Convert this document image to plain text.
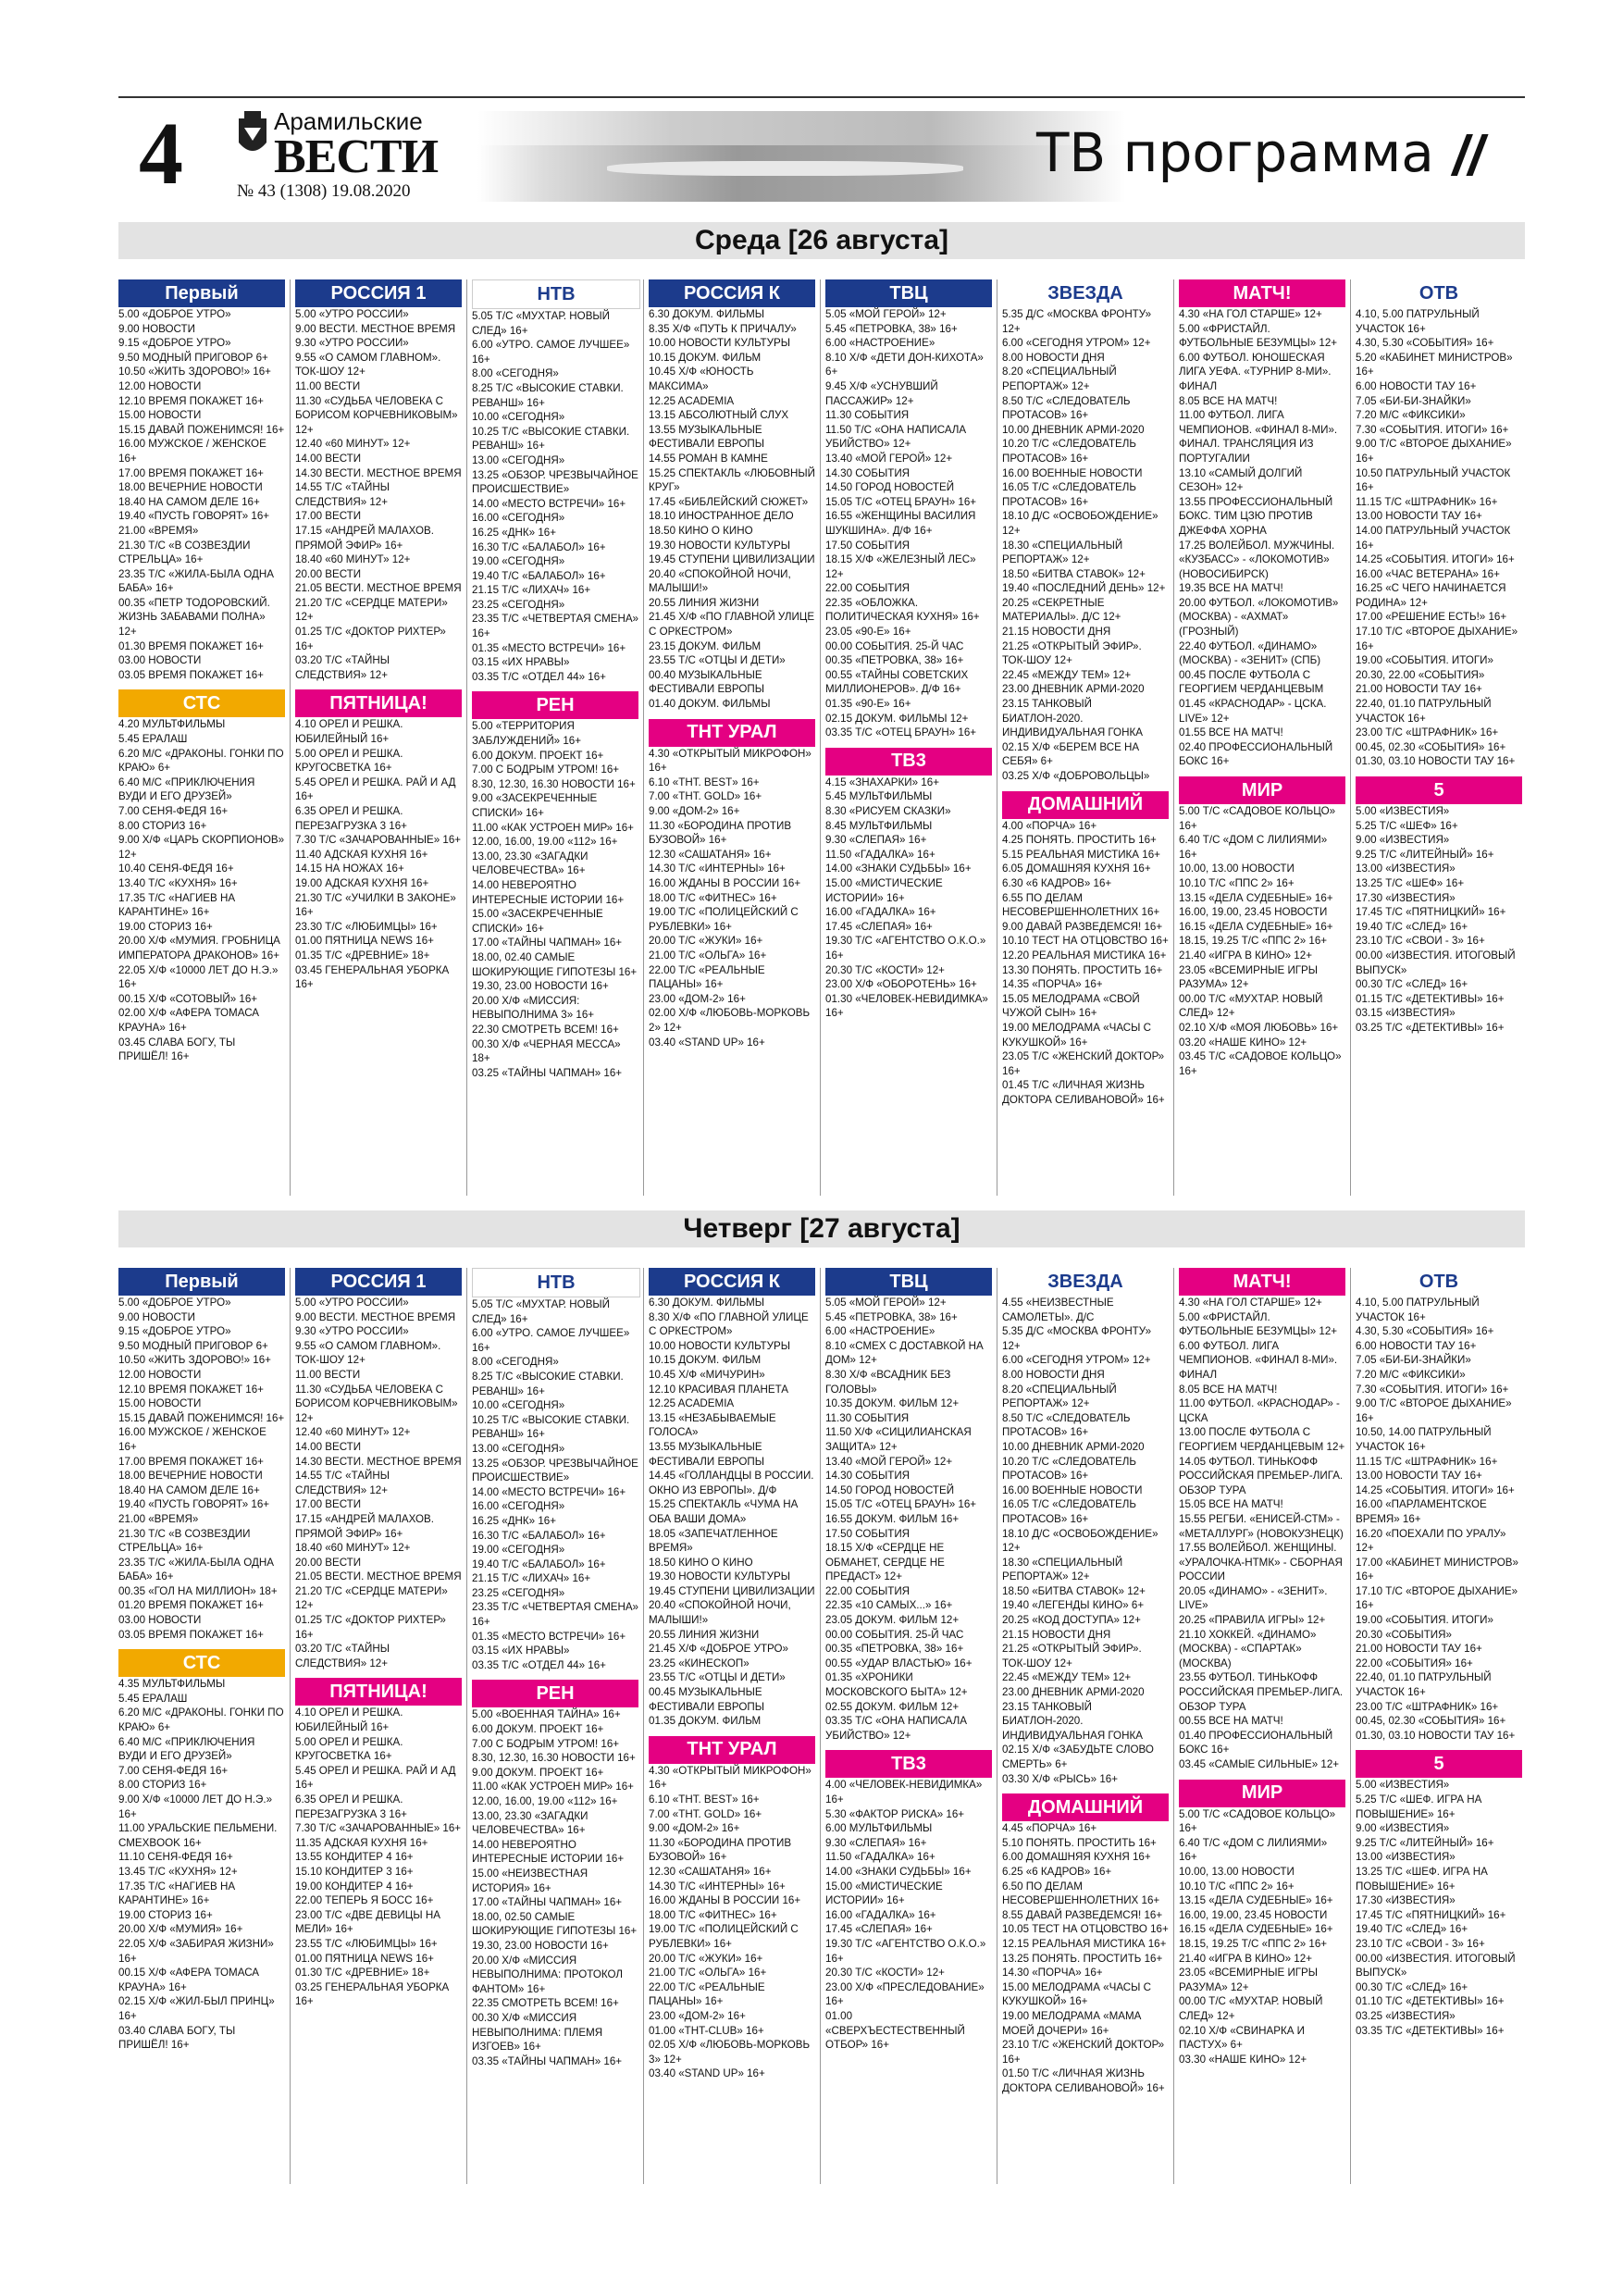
4	Арамильские
ВЕСТИ
№ 43 (1308) 19.08.2020
ТВ программа //
Среда [26 августа]
Первый
5.00 «ДОБРОЕ УТРО»
9.00 НОВОСТИ
9.15 «ДОБРОЕ УТРО»
9.50 МОДНЫЙ ПРИГОВОР 6+
10.50 «ЖИТЬ ЗДОРОВО!» 16+
12.00 НОВОСТИ
12.10 ВРЕМЯ ПОКАЖЕТ 16+
15.00 НОВОСТИ
15.15 ДАВАЙ ПОЖЕНИМСЯ! 16+
16.00 МУЖСКОЕ / ЖЕНСКОЕ 16+
17.00 ВРЕМЯ ПОКАЖЕТ 16+
18.00 ВЕЧЕРНИЕ НОВОСТИ
18.40 НА САМОМ ДЕЛЕ 16+
19.40 «ПУСТЬ ГОВОРЯТ» 16+
21.00 «ВРЕМЯ»
21.30 Т/С «В СОЗВЕЗДИИ СТРЕЛЬЦА» 16+
23.35 Т/С «ЖИЛА-БЫЛА ОДНА БАБА» 16+
00.35 «ПЕТР ТОДОРОВСКИЙ. ЖИЗНЬ ЗАБАВАМИ ПОЛНА» 12+
01.30 ВРЕМЯ ПОКАЖЕТ 16+
03.00 НОВОСТИ
03.05 ВРЕМЯ ПОКАЖЕТ 16+
СТС
4.20 МУЛЬТФИЛЬМЫ
5.45 ЕРАЛАШ
6.20 М/С «ДРАКОНЫ. ГОНКИ ПО КРАЮ» 6+
6.40 М/С «ПРИКЛЮЧЕНИЯ ВУДИ И ЕГО ДРУЗЕЙ»
7.00 СЕНЯ-ФЕДЯ 16+
8.00 СТОРИЗ 16+
9.00 Х/Ф «ЦАРЬ СКОРПИОНОВ» 12+
10.40 СЕНЯ-ФЕДЯ 16+
13.40 Т/С «КУХНЯ» 16+
17.35 Т/С «НАГИЕВ НА КАРАНТИНЕ» 16+
19.00 СТОРИЗ 16+
20.00 Х/Ф «МУМИЯ. ГРОБНИЦА ИМПЕРАТОРА ДРАКОНОВ» 16+
22.05 Х/Ф «10000 ЛЕТ ДО Н.Э.» 16+
00.15 Х/Ф «СОТОВЫЙ» 16+
02.00 Х/Ф «АФЕРА ТОМАСА КРАУНА» 16+
03.45 СЛАВА БОГУ, ТЫ ПРИШЁЛ! 16+
РОССИЯ 1
5.00 «УТРО РОССИИ»
9.00 ВЕСТИ. МЕСТНОЕ ВРЕМЯ
9.30 «УТРО РОССИИ»
9.55 «О САМОМ ГЛАВНОМ». ТОК-ШОУ 12+
11.00 ВЕСТИ
11.30 «СУДЬБА ЧЕЛОВЕКА С БОРИСОМ КОРЧЕВНИКОВЫМ» 12+
12.40 «60 МИНУТ» 12+
14.00 ВЕСТИ
14.30 ВЕСТИ. МЕСТНОЕ ВРЕМЯ
14.55 Т/С «ТАЙНЫ СЛЕДСТВИЯ» 12+
17.00 ВЕСТИ
17.15 «АНДРЕЙ МАЛАХОВ. ПРЯМОЙ ЭФИР» 16+
18.40 «60 МИНУТ» 12+
20.00 ВЕСТИ
21.05 ВЕСТИ. МЕСТНОЕ ВРЕМЯ
21.20 Т/С «СЕРДЦЕ МАТЕРИ» 12+
01.25 Т/С «ДОКТОР РИХТЕР» 16+
03.20 Т/С «ТАЙНЫ СЛЕДСТВИЯ» 12+
ПЯТНИЦА!
4.10 ОРЕЛ И РЕШКА. ЮБИЛЕЙНЫЙ 16+
5.00 ОРЕЛ И РЕШКА. КРУГОСВЕТКА 16+
5.45 ОРЕЛ И РЕШКА. РАЙ И АД 16+
6.35 ОРЕЛ И РЕШКА. ПЕРЕЗАГРУЗКА 3 16+
7.30 Т/С «ЗАЧАРОВАННЫЕ» 16+
11.40 АДСКАЯ КУХНЯ 16+
14.15 НА НОЖАХ 16+
19.00 АДСКАЯ КУХНЯ 16+
21.30 Т/С «УЧИЛКИ В ЗАКОНЕ» 16+
23.30 Т/С «ЛЮБИМЦЫ» 16+
01.00 ПЯТНИЦА NEWS 16+
01.35 Т/С «ДРЕВНИЕ» 18+
03.45 ГЕНЕРАЛЬНАЯ УБОРКА 16+
НТВ
5.05 Т/С «МУХТАР. НОВЫЙ СЛЕД» 16+
6.00 «УТРО. САМОЕ ЛУЧШЕЕ» 16+
8.00 «СЕГОДНЯ»
8.25 Т/С «ВЫСОКИЕ СТАВКИ. РЕВАНШ» 16+
10.00 «СЕГОДНЯ»
10.25 Т/С «ВЫСОКИЕ СТАВКИ. РЕВАНШ» 16+
13.00 «СЕГОДНЯ»
13.25 «ОБЗОР. ЧРЕЗВЫЧАЙНОЕ ПРОИСШЕСТВИЕ»
14.00 «МЕСТО ВСТРЕЧИ» 16+
16.00 «СЕГОДНЯ»
16.25 «ДНК» 16+
16.30 Т/С «БАЛАБОЛ» 16+
19.00 «СЕГОДНЯ»
19.40 Т/С «БАЛАБОЛ» 16+
21.15 Т/С «ЛИХАЧ» 16+
23.25 «СЕГОДНЯ»
23.35 Т/С «ЧЕТВЕРТАЯ СМЕНА» 16+
01.35 «МЕСТО ВСТРЕЧИ» 16+
03.15 «ИХ НРАВЫ»
03.35 Т/С «ОТДЕЛ 44» 16+
РЕН
5.00 «ТЕРРИТОРИЯ ЗАБЛУЖДЕНИЙ» 16+
6.00 ДОКУМ. ПРОЕКТ 16+
7.00 С БОДРЫМ УТРОМ! 16+
8.30, 12.30, 16.30 НОВОСТИ 16+
9.00 «ЗАСЕКРЕЧЕННЫЕ СПИСКИ» 16+
11.00 «КАК УСТРОЕН МИР» 16+
12.00, 16.00, 19.00 «112» 16+
13.00, 23.30 «ЗАГАДКИ ЧЕЛОВЕЧЕСТВА» 16+
14.00 НЕВЕРОЯТНО ИНТЕРЕСНЫЕ ИСТОРИИ 16+
15.00 «ЗАСЕКРЕЧЕННЫЕ СПИСКИ» 16+
17.00 «ТАЙНЫ ЧАПМАН» 16+
18.00, 02.40 САМЫЕ ШОКИРУЮЩИЕ ГИПОТЕЗЫ 16+
19.30, 23.00 НОВОСТИ 16+
20.00 Х/Ф «МИССИЯ: НЕВЫПОЛНИМА 3» 16+
22.30 СМОТРЕТЬ ВСЕМ! 16+
00.30 Х/Ф «ЧЕРНАЯ МЕССА» 18+
03.25 «ТАЙНЫ ЧАПМАН» 16+
РОССИЯ К
6.30 ДОКУМ. ФИЛЬМЫ
8.35 Х/Ф «ПУТЬ К ПРИЧАЛУ»
10.00 НОВОСТИ КУЛЬТУРЫ
10.15 ДОКУМ. ФИЛЬМ
10.45 Х/Ф «ЮНОСТЬ МАКСИМА»
12.25 ACADEMIA
13.15 АБСОЛЮТНЫЙ СЛУХ
13.55 МУЗЫКАЛЬНЫЕ ФЕСТИВАЛИ ЕВРОПЫ
14.55 РОМАН В КАМНЕ
15.25 СПЕКТАКЛЬ «ЛЮБОВНЫЙ КРУГ»
17.45 «БИБЛЕЙСКИЙ СЮЖЕТ»
18.10 ИНОСТРАННОЕ ДЕЛО
18.50 КИНО О КИНО
19.30 НОВОСТИ КУЛЬТУРЫ
19.45 СТУПЕНИ ЦИВИЛИЗАЦИИ
20.40 «СПОКОЙНОЙ НОЧИ, МАЛЫШИ!»
20.55 ЛИНИЯ ЖИЗНИ
21.45 Х/Ф «ПО ГЛАВНОЙ УЛИЦЕ С ОРКЕСТРОМ»
23.15 ДОКУМ. ФИЛЬМ
23.55 Т/С «ОТЦЫ И ДЕТИ»
00.40 МУЗЫКАЛЬНЫЕ ФЕСТИВАЛИ ЕВРОПЫ
01.40 ДОКУМ. ФИЛЬМЫ
ТНТ УРАЛ
4.30 «ОТКРЫТЫЙ МИКРОФОН» 16+
6.10 «ТНТ. BEST» 16+
7.00 «ТНТ. GOLD» 16+
9.00 «ДОМ-2» 16+
11.30 «БОРОДИНА ПРОТИВ БУЗОВОЙ» 16+
12.30 «САШАТАНЯ» 16+
14.30 Т/С «ИНТЕРНЫ» 16+
16.00 ЖДАНЫ В РОССИИ 16+
18.00 Т/С «ФИТНЕС» 16+
19.00 Т/С «ПОЛИЦЕЙСКИЙ С РУБЛЕВКИ» 16+
20.00 Т/С «ЖУКИ» 16+
21.00 Т/С «ОЛЬГА» 16+
22.00 Т/С «РЕАЛЬНЫЕ ПАЦАНЫ» 16+
23.00 «ДОМ-2» 16+
02.00 Х/Ф «ЛЮБОВЬ-МОРКОВЬ 2» 12+
03.40 «STAND UP» 16+
ТВЦ
5.05 «МОЙ ГЕРОЙ» 12+
5.45 «ПЕТРОВКА, 38» 16+
6.00 «НАСТРОЕНИЕ»
8.10 Х/Ф «ДЕТИ ДОН-КИХОТА» 6+
9.45 Х/Ф «УСНУВШИЙ ПАССАЖИР» 12+
11.30 СОБЫТИЯ
11.50 Т/С «ОНА НАПИСАЛА УБИЙСТВО» 12+
13.40 «МОЙ ГЕРОЙ» 12+
14.30 СОБЫТИЯ
14.50 ГОРОД НОВОСТЕЙ
15.05 Т/С «ОТЕЦ БРАУН» 16+
16.55 «ЖЕНЩИНЫ ВАСИЛИЯ ШУКШИНА». Д/Ф 16+
17.50 СОБЫТИЯ
18.15 Х/Ф «ЖЕЛЕЗНЫЙ ЛЕС» 12+
22.00 СОБЫТИЯ
22.35 «ОБЛОЖКА. ПОЛИТИЧЕСКАЯ КУХНЯ» 16+
23.05 «90-Е» 16+
00.00 СОБЫТИЯ. 25-Й ЧАС
00.35 «ПЕТРОВКА, 38» 16+
00.55 «ТАЙНЫ СОВЕТСКИХ МИЛЛИОНЕРОВ». Д/Ф 16+
01.35 «90-Е» 16+
02.15 ДОКУМ. ФИЛЬМЫ 12+
03.35 Т/С «ОТЕЦ БРАУН» 16+
ТВ3
4.15 «ЗНАХАРКИ» 16+
5.45 МУЛЬТФИЛЬМЫ
8.30 «РИСУЕМ СКАЗКИ»
8.45 МУЛЬТФИЛЬМЫ
9.30 «СЛЕПАЯ» 16+
11.50 «ГАДАЛКА» 16+
14.00 «ЗНАКИ СУДЬБЫ» 16+
15.00 «МИСТИЧЕСКИЕ ИСТОРИИ» 16+
16.00 «ГАДАЛКА» 16+
17.45 «СЛЕПАЯ» 16+
19.30 Т/С «АГЕНТСТВО О.К.О.» 16+
20.30 Т/С «КОСТИ» 12+
23.00 Х/Ф «ОБОРОТЕНЬ» 16+
01.30 «ЧЕЛОВЕК-НЕВИДИМКА» 16+
ЗВЕЗДА
5.35 Д/С «МОСКВА ФРОНТУ» 12+
6.00 «СЕГОДНЯ УТРОМ» 12+
8.00 НОВОСТИ ДНЯ
8.20 «СПЕЦИАЛЬНЫЙ РЕПОРТАЖ» 12+
8.50 Т/С «СЛЕДОВАТЕЛЬ ПРОТАСОВ» 16+
10.00 ДНЕВНИК АРМИ-2020
10.20 Т/С «СЛЕДОВАТЕЛЬ ПРОТАСОВ» 16+
16.00 ВОЕННЫЕ НОВОСТИ
16.05 Т/С «СЛЕДОВАТЕЛЬ ПРОТАСОВ» 16+
18.10 Д/С «ОСВОБОЖДЕНИЕ» 12+
18.30 «СПЕЦИАЛЬНЫЙ РЕПОРТАЖ» 12+
18.50 «БИТВА СТАВОК» 12+
19.40 «ПОСЛЕДНИЙ ДЕНЬ» 12+
20.25 «СЕКРЕТНЫЕ МАТЕРИАЛЫ». Д/С 12+
21.15 НОВОСТИ ДНЯ
21.25 «ОТКРЫТЫЙ ЭФИР». ТОК-ШОУ 12+
22.45 «МЕЖДУ ТЕМ» 12+
23.00 ДНЕВНИК АРМИ-2020
23.15 ТАНКОВЫЙ БИАТЛОН-2020. ИНДИВИДУАЛЬНАЯ ГОНКА
02.15 Х/Ф «БЕРЕМ ВСЕ НА СЕБЯ» 6+
03.25 Х/Ф «ДОБРОВОЛЬЦЫ»
ДОМАШНИЙ
4.00 «ПОРЧА» 16+
4.25 ПОНЯТЬ. ПРОСТИТЬ 16+
5.15 РЕАЛЬНАЯ МИСТИКА 16+
6.05 ДОМАШНЯЯ КУХНЯ 16+
6.30 «6 КАДРОВ» 16+
6.55 ПО ДЕЛАМ НЕСОВЕРШЕННОЛЕТНИХ 16+
9.00 ДАВАЙ РАЗВЕДЕМСЯ! 16+
10.10 ТЕСТ НА ОТЦОВСТВО 16+
12.20 РЕАЛЬНАЯ МИСТИКА 16+
13.30 ПОНЯТЬ. ПРОСТИТЬ 16+
14.35 «ПОРЧА» 16+
15.05 МЕЛОДРАМА «СВОЙ ЧУЖОЙ СЫН» 16+
19.00 МЕЛОДРАМА «ЧАСЫ С КУКУШКОЙ» 16+
23.05 Т/С «ЖЕНСКИЙ ДОКТОР» 16+
01.45 Т/С «ЛИЧНАЯ ЖИЗНЬ ДОКТОРА СЕЛИВАНОВОЙ» 16+
МАТЧ!
4.30 «НА ГОЛ СТАРШЕ» 12+
5.00 «ФРИСТАЙЛ. ФУТБОЛЬНЫЕ БЕЗУМЦЫ» 12+
6.00 ФУТБОЛ. ЮНОШЕСКАЯ ЛИГА УЕФА. «ТУРНИР 8-МИ». ФИНАЛ
8.05 ВСЕ НА МАТЧ!
11.00 ФУТБОЛ. ЛИГА ЧЕМПИОНОВ. «ФИНАЛ 8-МИ». ФИНАЛ. ТРАНСЛЯЦИЯ ИЗ ПОРТУГАЛИИ
13.10 «САМЫЙ ДОЛГИЙ СЕЗОН» 12+
13.55 ПРОФЕССИОНАЛЬНЫЙ БОКС. ТИМ ЦЗЮ ПРОТИВ ДЖЕФФА ХОРНА
17.25 ВОЛЕЙБОЛ. МУЖЧИНЫ. «КУЗБАСС» - «ЛОКОМОТИВ» (НОВОСИБИРСК)
19.35 ВСЕ НА МАТЧ!
20.00 ФУТБОЛ. «ЛОКОМОТИВ» (МОСКВА) - «АХМАТ» (ГРОЗНЫЙ)
22.40 ФУТБОЛ. «ДИНАМО» (МОСКВА) - «ЗЕНИТ» (СПБ)
00.45 ПОСЛЕ ФУТБОЛА С ГЕОРГИЕМ ЧЕРДАНЦЕВЫМ
01.45 «КРАСНОДАР» - ЦСКА. LIVE» 12+
01.55 ВСЕ НА МАТЧ!
02.40 ПРОФЕССИОНАЛЬНЫЙ БОКС 16+
МИР
5.00 Т/С «САДОВОЕ КОЛЬЦО» 16+
6.40 Т/С «ДОМ С ЛИЛИЯМИ» 16+
10.00, 13.00 НОВОСТИ
10.10 Т/С «ППС 2» 16+
13.15 «ДЕЛА СУДЕБНЫЕ» 16+
16.00, 19.00, 23.45 НОВОСТИ
16.15 «ДЕЛА СУДЕБНЫЕ» 16+
18.15, 19.25 Т/С «ППС 2» 16+
21.40 «ИГРА В КИНО» 12+
23.05 «ВСЕМИРНЫЕ ИГРЫ РАЗУМА» 12+
00.00 Т/С «МУХТАР. НОВЫЙ СЛЕД» 12+
02.10 Х/Ф «МОЯ ЛЮБОВЬ» 16+
03.20 «НАШЕ КИНО» 12+
03.45 Т/С «САДОВОЕ КОЛЬЦО» 16+
ОТВ
4.10, 5.00 ПАТРУЛЬНЫЙ УЧАСТОК 16+
4.30, 5.30 «СОБЫТИЯ» 16+
5.20 «КАБИНЕТ МИНИСТРОВ» 16+
6.00 НОВОСТИ ТАУ 16+
7.05 «БИ-БИ-ЗНАЙКИ»
7.20 М/С «ФИКСИКИ»
7.30 «СОБЫТИЯ. ИТОГИ» 16+
9.00 Т/С «ВТОРОЕ ДЫХАНИЕ» 16+
10.50 ПАТРУЛЬНЫЙ УЧАСТОК 16+
11.15 Т/С «ШТРАФНИК» 16+
13.00 НОВОСТИ ТАУ 16+
14.00 ПАТРУЛЬНЫЙ УЧАСТОК 16+
14.25 «СОБЫТИЯ. ИТОГИ» 16+
16.00 «ЧАС ВЕТЕРАНА» 16+
16.25 «С ЧЕГО НАЧИНАЕТСЯ РОДИНА» 12+
17.00 «РЕШЕНИЕ ЕСТЬ!» 16+
17.10 Т/С «ВТОРОЕ ДЫХАНИЕ» 16+
19.00 «СОБЫТИЯ. ИТОГИ»
20.30, 22.00 «СОБЫТИЯ»
21.00 НОВОСТИ ТАУ 16+
22.40, 01.10 ПАТРУЛЬНЫЙ УЧАСТОК 16+
23.00 Т/С «ШТРАФНИК» 16+
00.45, 02.30 «СОБЫТИЯ» 16+
01.30, 03.10 НОВОСТИ ТАУ 16+
5
5.00 «ИЗВЕСТИЯ»
5.25 Т/С «ШЕФ» 16+
9.00 «ИЗВЕСТИЯ»
9.25 Т/С «ЛИТЕЙНЫЙ» 16+
13.00 «ИЗВЕСТИЯ»
13.25 Т/С «ШЕФ» 16+
17.30 «ИЗВЕСТИЯ»
17.45 Т/С «ПЯТНИЦКИЙ» 16+
19.40 Т/С «СЛЕД» 16+
23.10 Т/С «СВОИ - 3» 16+
00.00 «ИЗВЕСТИЯ. ИТОГОВЫЙ ВЫПУСК»
00.30 Т/С «СЛЕД» 16+
01.15 Т/С «ДЕТЕКТИВЫ» 16+
03.15 «ИЗВЕСТИЯ»
03.25 Т/С «ДЕТЕКТИВЫ» 16+
Четверг [27 августа]
Первый
5.00 «ДОБРОЕ УТРО»
9.00 НОВОСТИ
9.15 «ДОБРОЕ УТРО»
9.50 МОДНЫЙ ПРИГОВОР 6+
10.50 «ЖИТЬ ЗДОРОВО!» 16+
12.00 НОВОСТИ
12.10 ВРЕМЯ ПОКАЖЕТ 16+
15.00 НОВОСТИ
15.15 ДАВАЙ ПОЖЕНИМСЯ! 16+
16.00 МУЖСКОЕ / ЖЕНСКОЕ 16+
17.00 ВРЕМЯ ПОКАЖЕТ 16+
18.00 ВЕЧЕРНИЕ НОВОСТИ
18.40 НА САМОМ ДЕЛЕ 16+
19.40 «ПУСТЬ ГОВОРЯТ» 16+
21.00 «ВРЕМЯ»
21.30 Т/С «В СОЗВЕЗДИИ СТРЕЛЬЦА» 16+
23.35 Т/С «ЖИЛА-БЫЛА ОДНА БАБА» 16+
00.35 «ГОЛ НА МИЛЛИОН» 18+
01.20 ВРЕМЯ ПОКАЖЕТ 16+
03.00 НОВОСТИ
03.05 ВРЕМЯ ПОКАЖЕТ 16+
СТС
4.35 МУЛЬТФИЛЬМЫ
5.45 ЕРАЛАШ
6.20 М/С «ДРАКОНЫ. ГОНКИ ПО КРАЮ» 6+
6.40 М/С «ПРИКЛЮЧЕНИЯ ВУДИ И ЕГО ДРУЗЕЙ»
7.00 СЕНЯ-ФЕДЯ 16+
8.00 СТОРИЗ 16+
9.00 Х/Ф «10000 ЛЕТ ДО Н.Э.» 16+
11.00 УРАЛЬСКИЕ ПЕЛЬМЕНИ. СМЕХBOOK 16+
11.10 СЕНЯ-ФЕДЯ 16+
13.45 Т/С «КУХНЯ» 12+
17.35 Т/С «НАГИЕВ НА КАРАНТИНЕ» 16+
19.00 СТОРИЗ 16+
20.00 Х/Ф «МУМИЯ» 16+
22.05 Х/Ф «ЗАБИРАЯ ЖИЗНИ» 16+
00.15 Х/Ф «АФЕРА ТОМАСА КРАУНА» 16+
02.15 Х/Ф «ЖИЛ-БЫЛ ПРИНЦ» 16+
03.40 СЛАВА БОГУ, ТЫ ПРИШЁЛ! 16+
РОССИЯ 1
5.00 «УТРО РОССИИ»
9.00 ВЕСТИ. МЕСТНОЕ ВРЕМЯ
9.30 «УТРО РОССИИ»
9.55 «О САМОМ ГЛАВНОМ». ТОК-ШОУ 12+
11.00 ВЕСТИ
11.30 «СУДЬБА ЧЕЛОВЕКА С БОРИСОМ КОРЧЕВНИКОВЫМ» 12+
12.40 «60 МИНУТ» 12+
14.00 ВЕСТИ
14.30 ВЕСТИ. МЕСТНОЕ ВРЕМЯ
14.55 Т/С «ТАЙНЫ СЛЕДСТВИЯ» 12+
17.00 ВЕСТИ
17.15 «АНДРЕЙ МАЛАХОВ. ПРЯМОЙ ЭФИР» 16+
18.40 «60 МИНУТ» 12+
20.00 ВЕСТИ
21.05 ВЕСТИ. МЕСТНОЕ ВРЕМЯ
21.20 Т/С «СЕРДЦЕ МАТЕРИ» 12+
01.25 Т/С «ДОКТОР РИХТЕР» 16+
03.20 Т/С «ТАЙНЫ СЛЕДСТВИЯ» 12+
ПЯТНИЦА!
4.10 ОРЕЛ И РЕШКА. ЮБИЛЕЙНЫЙ 16+
5.00 ОРЕЛ И РЕШКА. КРУГОСВЕТКА 16+
5.45 ОРЕЛ И РЕШКА. РАЙ И АД 16+
6.35 ОРЕЛ И РЕШКА. ПЕРЕЗАГРУЗКА 3 16+
7.30 Т/С «ЗАЧАРОВАННЫЕ» 16+
11.35 АДСКАЯ КУХНЯ 16+
13.55 КОНДИТЕР 4 16+
15.10 КОНДИТЕР 3 16+
19.00 КОНДИТЕР 4 16+
22.00 ТЕПЕРЬ Я БОСС 16+
23.00 Т/С «ДВЕ ДЕВИЦЫ НА МЕЛИ» 16+
23.55 Т/С «ЛЮБИМЦЫ» 16+
01.00 ПЯТНИЦА NEWS 16+
01.30 Т/С «ДРЕВНИЕ» 18+
03.25 ГЕНЕРАЛЬНАЯ УБОРКА 16+
НТВ
5.05 Т/С «МУХТАР. НОВЫЙ СЛЕД» 16+
6.00 «УТРО. САМОЕ ЛУЧШЕЕ» 16+
8.00 «СЕГОДНЯ»
8.25 Т/С «ВЫСОКИЕ СТАВКИ. РЕВАНШ» 16+
10.00 «СЕГОДНЯ»
10.25 Т/С «ВЫСОКИЕ СТАВКИ. РЕВАНШ» 16+
13.00 «СЕГОДНЯ»
13.25 «ОБЗОР. ЧРЕЗВЫЧАЙНОЕ ПРОИСШЕСТВИЕ»
14.00 «МЕСТО ВСТРЕЧИ» 16+
16.00 «СЕГОДНЯ»
16.25 «ДНК» 16+
16.30 Т/С «БАЛАБОЛ» 16+
19.00 «СЕГОДНЯ»
19.40 Т/С «БАЛАБОЛ» 16+
21.15 Т/С «ЛИХАЧ» 16+
23.25 «СЕГОДНЯ»
23.35 Т/С «ЧЕТВЕРТАЯ СМЕНА» 16+
01.35 «МЕСТО ВСТРЕЧИ» 16+
03.15 «ИХ НРАВЫ»
03.35 Т/С «ОТДЕЛ 44» 16+
РЕН
5.00 «ВОЕННАЯ ТАЙНА» 16+
6.00 ДОКУМ. ПРОЕКТ 16+
7.00 С БОДРЫМ УТРОМ! 16+
8.30, 12.30, 16.30 НОВОСТИ 16+
9.00 ДОКУМ. ПРОЕКТ 16+
11.00 «КАК УСТРОЕН МИР» 16+
12.00, 16.00, 19.00 «112» 16+
13.00, 23.30 «ЗАГАДКИ ЧЕЛОВЕЧЕСТВА» 16+
14.00 НЕВЕРОЯТНО ИНТЕРЕСНЫЕ ИСТОРИИ 16+
15.00 «НЕИЗВЕСТНАЯ ИСТОРИЯ» 16+
17.00 «ТАЙНЫ ЧАПМАН» 16+
18.00, 02.50 САМЫЕ ШОКИРУЮЩИЕ ГИПОТЕЗЫ 16+
19.30, 23.00 НОВОСТИ 16+
20.00 Х/Ф «МИССИЯ НЕВЫПОЛНИМА: ПРОТОКОЛ ФАНТОМ» 16+
22.35 СМОТРЕТЬ ВСЕМ! 16+
00.30 Х/Ф «МИССИЯ НЕВЫПОЛНИМА: ПЛЕМЯ ИЗГОЕВ» 16+
03.35 «ТАЙНЫ ЧАПМАН» 16+
РОССИЯ К
6.30 ДОКУМ. ФИЛЬМЫ
8.30 Х/Ф «ПО ГЛАВНОЙ УЛИЦЕ С ОРКЕСТРОМ»
10.00 НОВОСТИ КУЛЬТУРЫ
10.15 ДОКУМ. ФИЛЬМ
10.45 Х/Ф «МИЧУРИН»
12.10 КРАСИВАЯ ПЛАНЕТА
12.25 ACADEMIA
13.15 «НЕЗАБЫВАЕМЫЕ ГОЛОСА»
13.55 МУЗЫКАЛЬНЫЕ ФЕСТИВАЛИ ЕВРОПЫ
14.45 «ГОЛЛАНДЦЫ В РОССИИ. ОКНО ИЗ ЕВРОПЫ». Д/Ф
15.25 СПЕКТАКЛЬ «ЧУМА НА ОБА ВАШИ ДОМА»
18.05 «ЗАПЕЧАТЛЕННОЕ ВРЕМЯ»
18.50 КИНО О КИНО
19.30 НОВОСТИ КУЛЬТУРЫ
19.45 СТУПЕНИ ЦИВИЛИЗАЦИИ
20.40 «СПОКОЙНОЙ НОЧИ, МАЛЫШИ!»
20.55 ЛИНИЯ ЖИЗНИ
21.45 Х/Ф «ДОБРОЕ УТРО»
23.25 «КИНЕСКОП»
23.55 Т/С «ОТЦЫ И ДЕТИ»
00.45 МУЗЫКАЛЬНЫЕ ФЕСТИВАЛИ ЕВРОПЫ
01.35 ДОКУМ. ФИЛЬМ
ТНТ УРАЛ
4.30 «ОТКРЫТЫЙ МИКРОФОН» 16+
6.10 «ТНТ. BEST» 16+
7.00 «ТНТ. GOLD» 16+
9.00 «ДОМ-2» 16+
11.30 «БОРОДИНА ПРОТИВ БУЗОВОЙ» 16+
12.30 «САШАТАНЯ» 16+
14.30 Т/С «ИНТЕРНЫ» 16+
16.00 ЖДАНЫ В РОССИИ 16+
18.00 Т/С «ФИТНЕС» 16+
19.00 Т/С «ПОЛИЦЕЙСКИЙ С РУБЛЕВКИ» 16+
20.00 Т/С «ЖУКИ» 16+
21.00 Т/С «ОЛЬГА» 16+
22.00 Т/С «РЕАЛЬНЫЕ ПАЦАНЫ» 16+
23.00 «ДОМ-2» 16+
01.00 «THT-CLUB» 16+
02.05 Х/Ф «ЛЮБОВЬ-МОРКОВЬ 3» 12+
03.40 «STAND UP» 16+
ТВЦ
5.05 «МОЙ ГЕРОЙ» 12+
5.45 «ПЕТРОВКА, 38» 16+
6.00 «НАСТРОЕНИЕ»
8.10 «СМЕХ С ДОСТАВКОЙ НА ДОМ» 12+
8.30 Х/Ф «ВСАДНИК БЕЗ ГОЛОВЫ»
10.35 ДОКУМ. ФИЛЬМ 12+
11.30 СОБЫТИЯ
11.50 Х/Ф «СИЦИЛИАНСКАЯ ЗАЩИТА» 12+
13.40 «МОЙ ГЕРОЙ» 12+
14.30 СОБЫТИЯ
14.50 ГОРОД НОВОСТЕЙ
15.05 Т/С «ОТЕЦ БРАУН» 16+
16.55 ДОКУМ. ФИЛЬМ 16+
17.50 СОБЫТИЯ
18.15 Х/Ф «СЕРДЦЕ НЕ ОБМАНЕТ, СЕРДЦЕ НЕ ПРЕДАСТ» 12+
22.00 СОБЫТИЯ
22.35 «10 САМЫХ...» 16+
23.05 ДОКУМ. ФИЛЬМ 12+
00.00 СОБЫТИЯ. 25-Й ЧАС
00.35 «ПЕТРОВКА, 38» 16+
00.55 «УДАР ВЛАСТЬЮ» 16+
01.35 «ХРОНИКИ МОСКОВСКОГО БЫТА» 12+
02.55 ДОКУМ. ФИЛЬМ 12+
03.35 Т/С «ОНА НАПИСАЛА УБИЙСТВО» 12+
ТВ3
4.00 «ЧЕЛОВЕК-НЕВИДИМКА» 16+
5.30 «ФАКТОР РИСКА» 16+
6.00 МУЛЬТФИЛЬМЫ
9.30 «СЛЕПАЯ» 16+
11.50 «ГАДАЛКА» 16+
14.00 «ЗНАКИ СУДЬБЫ» 16+
15.00 «МИСТИЧЕСКИЕ ИСТОРИИ» 16+
16.00 «ГАДАЛКА» 16+
17.45 «СЛЕПАЯ» 16+
19.30 Т/С «АГЕНТСТВО О.К.О.» 16+
20.30 Т/С «КОСТИ» 12+
23.00 Х/Ф «ПРЕСЛЕДОВАНИЕ» 16+
01.00 «СВЕРХЪЕСТЕСТВЕННЫЙ ОТБОР» 16+
ЗВЕЗДА
4.55 «НЕИЗВЕСТНЫЕ САМОЛЕТЫ». Д/С
5.35 Д/С «МОСКВА ФРОНТУ» 12+
6.00 «СЕГОДНЯ УТРОМ» 12+
8.00 НОВОСТИ ДНЯ
8.20 «СПЕЦИАЛЬНЫЙ РЕПОРТАЖ» 12+
8.50 Т/С «СЛЕДОВАТЕЛЬ ПРОТАСОВ» 16+
10.00 ДНЕВНИК АРМИ-2020
10.20 Т/С «СЛЕДОВАТЕЛЬ ПРОТАСОВ» 16+
16.00 ВОЕННЫЕ НОВОСТИ
16.05 Т/С «СЛЕДОВАТЕЛЬ ПРОТАСОВ» 16+
18.10 Д/С «ОСВОБОЖДЕНИЕ» 12+
18.30 «СПЕЦИАЛЬНЫЙ РЕПОРТАЖ» 12+
18.50 «БИТВА СТАВОК» 12+
19.40 «ЛЕГЕНДЫ КИНО» 6+
20.25 «КОД ДОСТУПА» 12+
21.15 НОВОСТИ ДНЯ
21.25 «ОТКРЫТЫЙ ЭФИР». ТОК-ШОУ 12+
22.45 «МЕЖДУ ТЕМ» 12+
23.00 ДНЕВНИК АРМИ-2020
23.15 ТАНКОВЫЙ БИАТЛОН-2020. ИНДИВИДУАЛЬНАЯ ГОНКА
02.15 Х/Ф «ЗАБУДЬТЕ СЛОВО СМЕРТЬ» 6+
03.30 Х/Ф «РЫСЬ» 16+
ДОМАШНИЙ
4.45 «ПОРЧА» 16+
5.10 ПОНЯТЬ. ПРОСТИТЬ 16+
6.00 ДОМАШНЯЯ КУХНЯ 16+
6.25 «6 КАДРОВ» 16+
6.50 ПО ДЕЛАМ НЕСОВЕРШЕННОЛЕТНИХ 16+
8.55 ДАВАЙ РАЗВЕДЕМСЯ! 16+
10.05 ТЕСТ НА ОТЦОВСТВО 16+
12.15 РЕАЛЬНАЯ МИСТИКА 16+
13.25 ПОНЯТЬ. ПРОСТИТЬ 16+
14.30 «ПОРЧА» 16+
15.00 МЕЛОДРАМА «ЧАСЫ С КУКУШКОЙ» 16+
19.00 МЕЛОДРАМА «МАМА МОЕЙ ДОЧЕРИ» 16+
23.10 Т/С «ЖЕНСКИЙ ДОКТОР» 16+
01.50 Т/С «ЛИЧНАЯ ЖИЗНЬ ДОКТОРА СЕЛИВАНОВОЙ» 16+
МАТЧ!
4.30 «НА ГОЛ СТАРШЕ» 12+
5.00 «ФРИСТАЙЛ. ФУТБОЛЬНЫЕ БЕЗУМЦЫ» 12+
6.00 ФУТБОЛ. ЛИГА ЧЕМПИОНОВ. «ФИНАЛ 8-МИ». ФИНАЛ
8.05 ВСЕ НА МАТЧ!
11.00 ФУТБОЛ. «КРАСНОДАР» - ЦСКА
13.00 ПОСЛЕ ФУТБОЛА С ГЕОРГИЕМ ЧЕРДАНЦЕВЫМ 12+
14.05 ФУТБОЛ. ТИНЬКОФФ РОССИЙСКАЯ ПРЕМЬЕР-ЛИГА. ОБЗОР ТУРА
15.05 ВСЕ НА МАТЧ!
15.55 РЕГБИ. «ЕНИСЕЙ-СТМ» - «МЕТАЛЛУРГ» (НОВОКУЗНЕЦК)
17.55 ВОЛЕЙБОЛ. ЖЕНЩИНЫ. «УРАЛОЧКА-НТМК» - СБОРНАЯ РОССИИ
20.05 «ДИНАМО» - «ЗЕНИТ». LIVE»
20.25 «ПРАВИЛА ИГРЫ» 12+
21.10 ХОККЕЙ. «ДИНАМО» (МОСКВА) - «СПАРТАК» (МОСКВА)
23.55 ФУТБОЛ. ТИНЬКОФФ РОССИЙСКАЯ ПРЕМЬЕР-ЛИГА. ОБЗОР ТУРА
00.55 ВСЕ НА МАТЧ!
01.40 ПРОФЕССИОНАЛЬНЫЙ БОКС 16+
03.45 «САМЫЕ СИЛЬНЫЕ» 12+
МИР
5.00 Т/С «САДОВОЕ КОЛЬЦО» 16+
6.40 Т/С «ДОМ С ЛИЛИЯМИ» 16+
10.00, 13.00 НОВОСТИ
10.10 Т/С «ППС 2» 16+
13.15 «ДЕЛА СУДЕБНЫЕ» 16+
16.00, 19.00, 23.45 НОВОСТИ
16.15 «ДЕЛА СУДЕБНЫЕ» 16+
18.15, 19.25 Т/С «ППС 2» 16+
21.40 «ИГРА В КИНО» 12+
23.05 «ВСЕМИРНЫЕ ИГРЫ РАЗУМА» 12+
00.00 Т/С «МУХТАР. НОВЫЙ СЛЕД» 12+
02.10 Х/Ф «СВИНАРКА И ПАСТУХ» 6+
03.30 «НАШЕ КИНО» 12+
ОТВ
4.10, 5.00 ПАТРУЛЬНЫЙ УЧАСТОК 16+
4.30, 5.30 «СОБЫТИЯ» 16+
6.00 НОВОСТИ ТАУ 16+
7.05 «БИ-БИ-ЗНАЙКИ»
7.20 М/С «ФИКСИКИ»
7.30 «СОБЫТИЯ. ИТОГИ» 16+
9.00 Т/С «ВТОРОЕ ДЫХАНИЕ» 16+
10.50, 14.00 ПАТРУЛЬНЫЙ УЧАСТОК 16+
11.15 Т/С «ШТРАФНИК» 16+
13.00 НОВОСТИ ТАУ 16+
14.25 «СОБЫТИЯ. ИТОГИ» 16+
16.00 «ПАРЛАМЕНТСКОЕ ВРЕМЯ» 16+
16.20 «ПОЕХАЛИ ПО УРАЛУ» 12+
17.00 «КАБИНЕТ МИНИСТРОВ» 16+
17.10 Т/С «ВТОРОЕ ДЫХАНИЕ» 16+
19.00 «СОБЫТИЯ. ИТОГИ»
20.30 «СОБЫТИЯ»
21.00 НОВОСТИ ТАУ 16+
22.00 «СОБЫТИЯ» 16+
22.40, 01.10 ПАТРУЛЬНЫЙ УЧАСТОК 16+
23.00 Т/С «ШТРАФНИК» 16+
00.45, 02.30 «СОБЫТИЯ» 16+
01.30, 03.10 НОВОСТИ ТАУ 16+
5
5.00 «ИЗВЕСТИЯ»
5.25 Т/С «ШЕФ. ИГРА НА ПОВЫШЕНИЕ» 16+
9.00 «ИЗВЕСТИЯ»
9.25 Т/С «ЛИТЕЙНЫЙ» 16+
13.00 «ИЗВЕСТИЯ»
13.25 Т/С «ШЕФ. ИГРА НА ПОВЫШЕНИЕ» 16+
17.30 «ИЗВЕСТИЯ»
17.45 Т/С «ПЯТНИЦКИЙ» 16+
19.40 Т/С «СЛЕД» 16+
23.10 Т/С «СВОИ - 3» 16+
00.00 «ИЗВЕСТИЯ. ИТОГОВЫЙ ВЫПУСК»
00.30 Т/С «СЛЕД» 16+
01.10 Т/С «ДЕТЕКТИВЫ» 16+
03.25 «ИЗВЕСТИЯ»
03.35 Т/С «ДЕТЕКТИВЫ» 16+
